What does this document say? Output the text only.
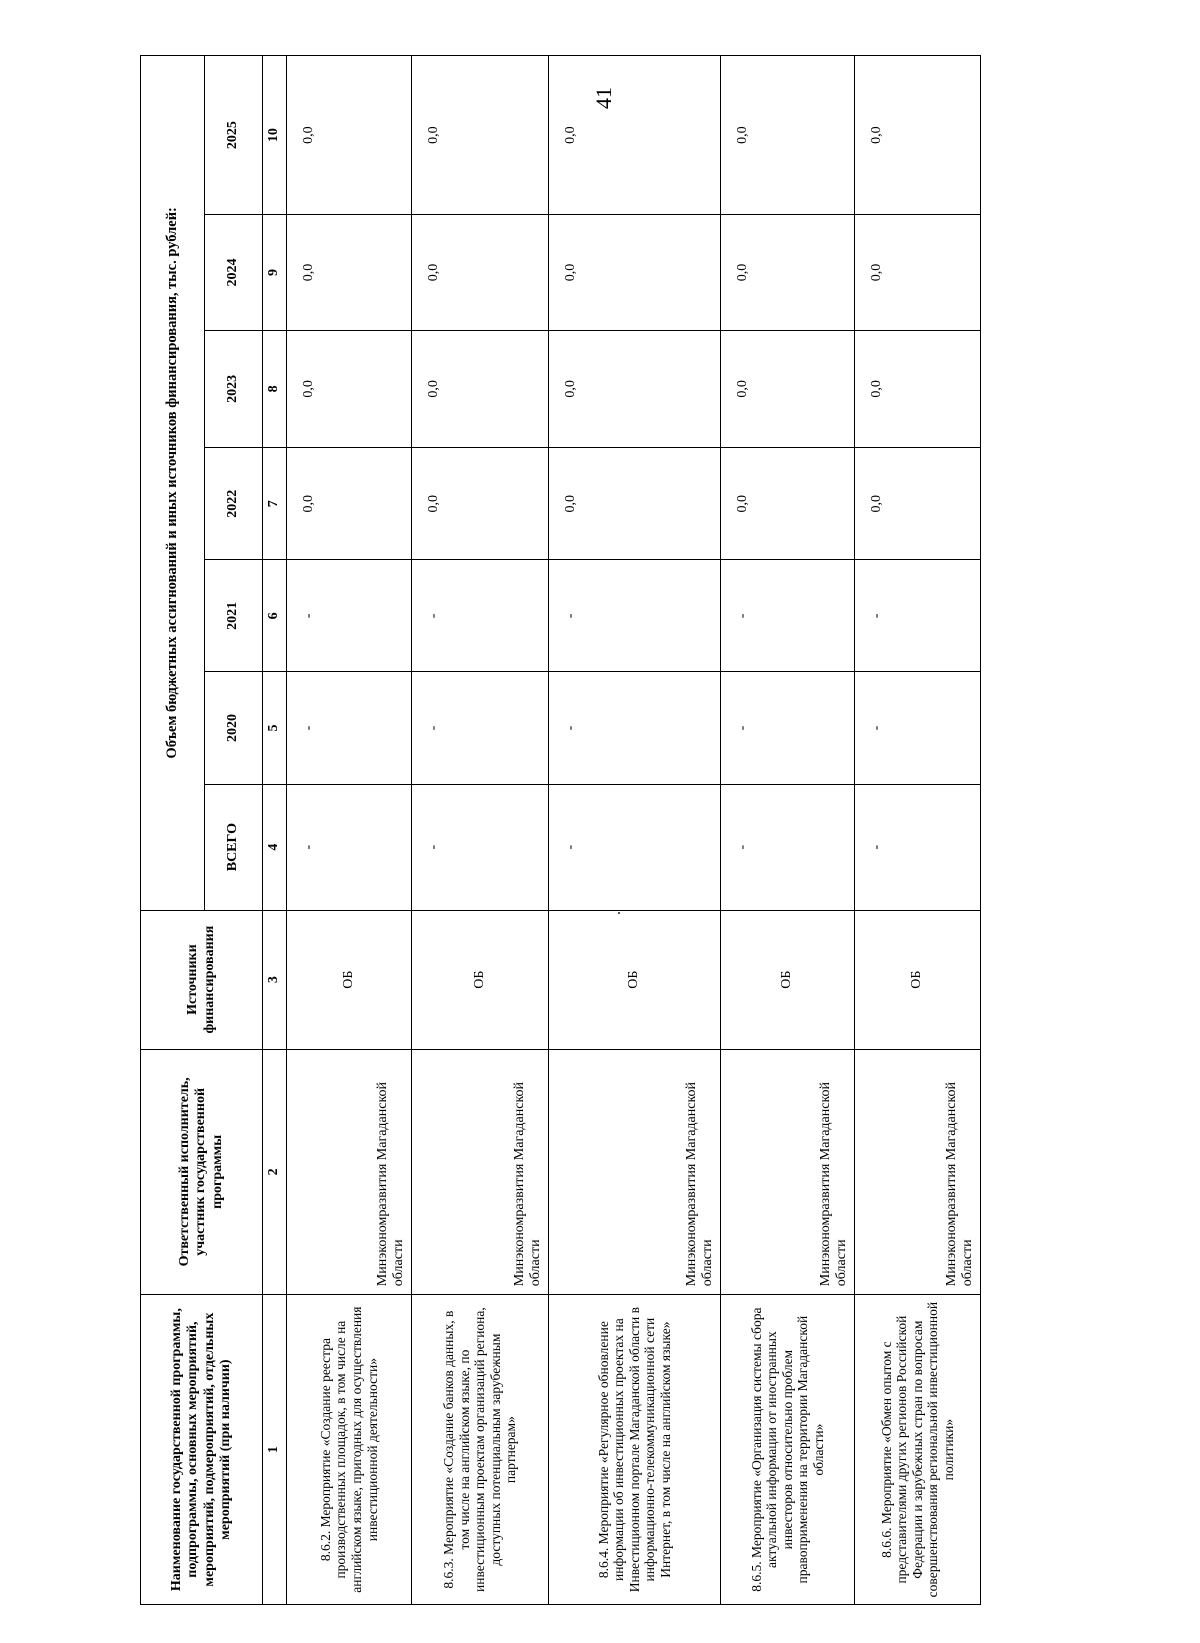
41
Наименование государственной программы, подпрограммы, основных мероприятий, мероприятий, подмероприятий, отдельных мероприятий (при наличии)	Ответственный исполнитель, участник государственной программы	Источники финансирования	Объем бюджетных ассигнований и иных источников финансирования, тыс. рублей:						
			ВСЕГО	2020	2021	2022	2023	2024	2025
1	2	3	4	5	6	7	8	9	10
8.6.2. Мероприятие «Создание реестра производственных площадок, в том числе на английском языке, пригодных для осуществления инвестиционной деятельности»	Минэкономразвития Магаданской области	ОБ	-	-	-	0,0	0,0	0,0	0,0
8.6.3. Мероприятие «Создание банков данных, в том числе на английском языке, по инвестиционным проектам организаций региона, доступных потенциальным зарубежным партнерам»	Минэкономразвития Магаданской области	ОБ	-	-	-	0,0	0,0	0,0	0,0
8.6.4. Мероприятие «Регулярное обновление информации об инвестиционных проектах на Инвестиционном портале Магаданской области в информационно-телекоммуникационной сети Интернет, в том числе на английском языке»	Минэкономразвития Магаданской области	ОБ	-	-	-	0,0	0,0	0,0	0,0
8.6.5. Мероприятие «Организация системы сбора актуальной информации от иностранных инвесторов относительно проблем правоприменения на территории Магаданской области»	Минэкономразвития Магаданской области	ОБ	-	-	-	0,0	0,0	0,0	0,0
8.6.6. Мероприятие «Обмен опытом с представителями других регионов Российской Федерации и зарубежных стран по вопросам совершенствования региональной инвестиционной политики»	Минэкономразвития Магаданской области	ОБ	-	-	-	0,0	0,0	0,0	0,0
